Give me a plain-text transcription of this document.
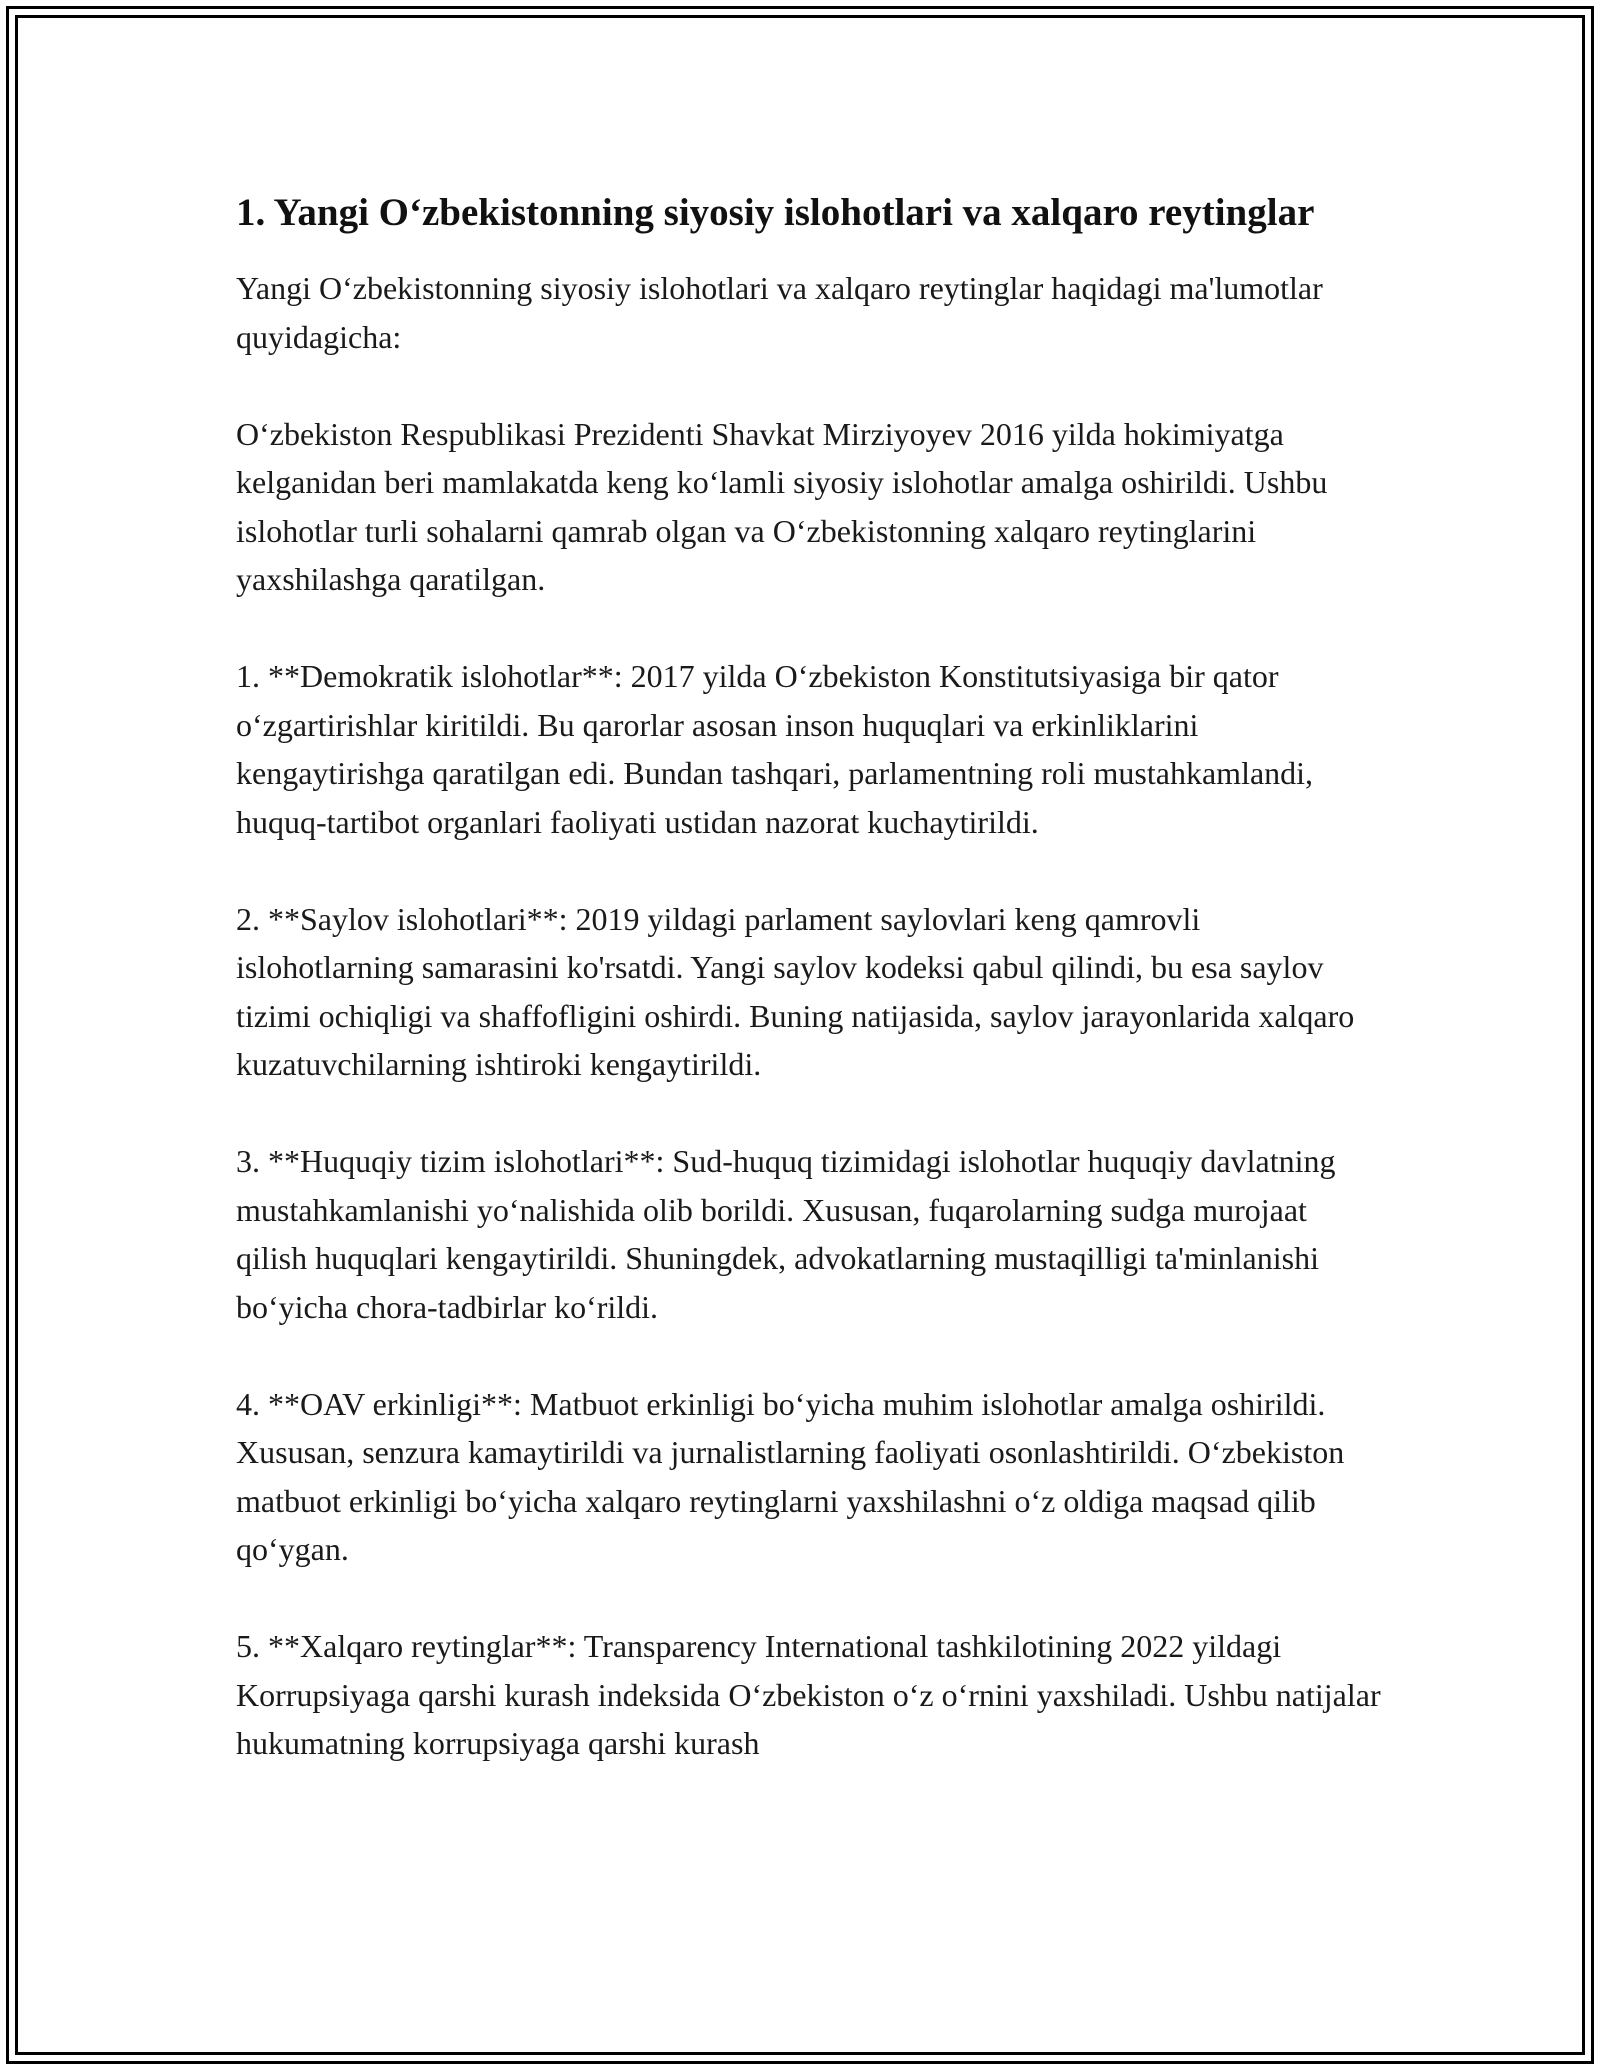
1. Yangi O‘zbekistonning siyosiy islohotlari va xalqaro reytinglar

Yangi O‘zbekistonning siyosiy islohotlari va xalqaro reytinglar haqidagi ma'lumotlar quyidagicha:

O‘zbekiston Respublikasi Prezidenti Shavkat Mirziyoyev 2016 yilda hokimiyatga kelganidan beri mamlakatda keng ko‘lamli siyosiy islohotlar amalga oshirildi. Ushbu islohotlar turli sohalarni qamrab olgan va O‘zbekistonning xalqaro reytinglarini yaxshilashga qaratilgan.

1. **Demokratik islohotlar**: 2017 yilda O‘zbekiston Konstitutsiyasiga bir qator o‘zgartirishlar kiritildi. Bu qarorlar asosan inson huquqlari va erkinliklarini kengaytirishga qaratilgan edi. Bundan tashqari, parlamentning roli mustahkamlandi, huquq-tartibot organlari faoliyati ustidan nazorat kuchaytirildi.

2. **Saylov islohotlari**: 2019 yildagi parlament saylovlari keng qamrovli islohotlarning samarasini ko'rsatdi. Yangi saylov kodeksi qabul qilindi, bu esa saylov tizimi ochiqligi va shaffofligini oshirdi. Buning natijasida, saylov jarayonlarida xalqaro kuzatuvchilarning ishtiroki kengaytirildi.

3. **Huquqiy tizim islohotlari**: Sud-huquq tizimidagi islohotlar huquqiy davlatning mustahkamlanishi yo‘nalishida olib borildi. Xususan, fuqarolarning sudga murojaat qilish huquqlari kengaytirildi. Shuningdek, advokatlarning mustaqilligi ta'minlanishi bo‘yicha chora-tadbirlar ko‘rildi.

4. **OAV erkinligi**: Matbuot erkinligi bo‘yicha muhim islohotlar amalga oshirildi. Xususan, senzura kamaytirildi va jurnalistlarning faoliyati osonlashtirildi. O‘zbekiston matbuot erkinligi bo‘yicha xalqaro reytinglarni yaxshilashni o‘z oldiga maqsad qilib qo‘ygan.

5. **Xalqaro reytinglar**: Transparency International tashkilotining 2022 yildagi Korrupsiyaga qarshi kurash indeksida O‘zbekiston o‘z o‘rnini yaxshiladi. Ushbu natijalar hukumatning korrupsiyaga qarshi kurash
